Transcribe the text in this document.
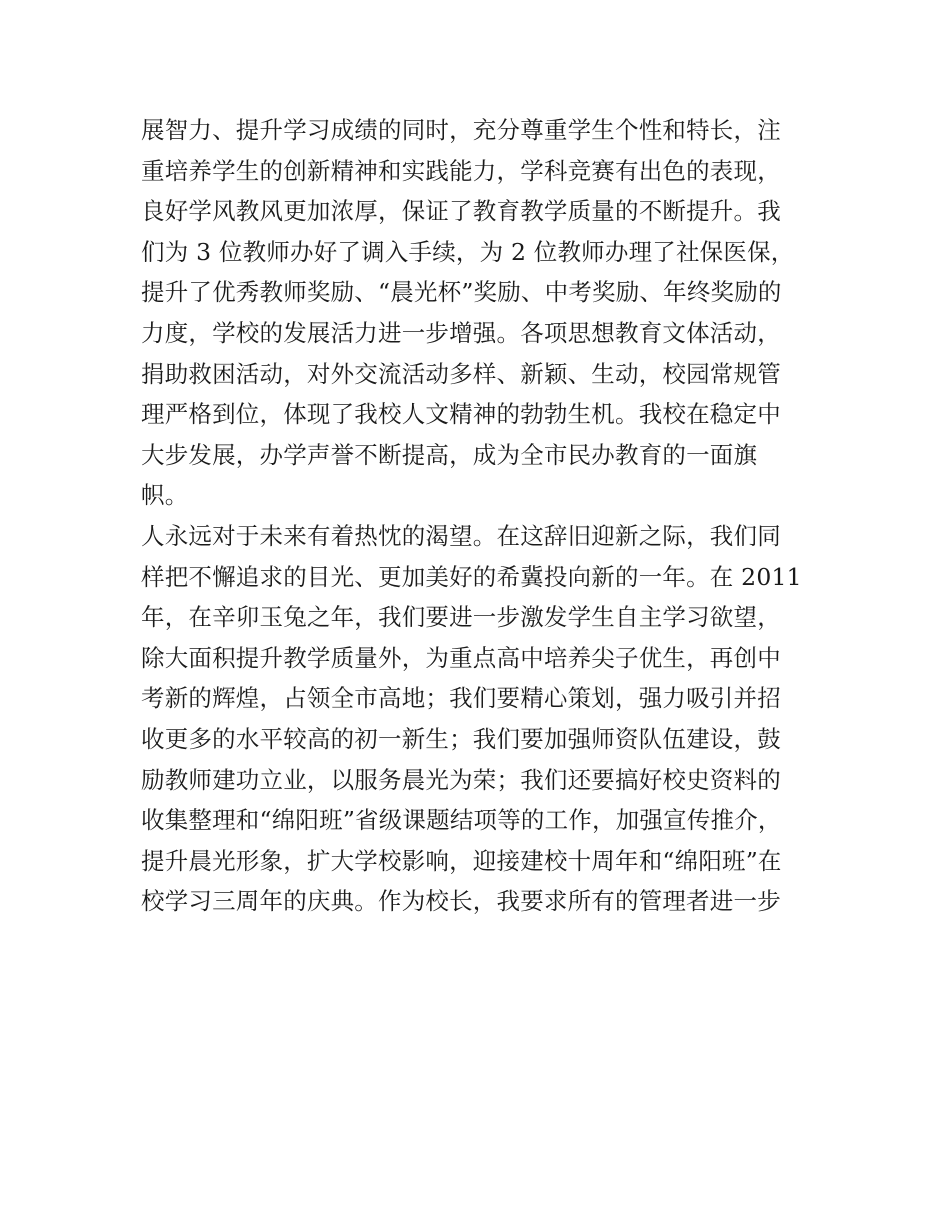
展智力、提升学习成绩的同时，充分尊重学生个性和特长，注
重培养学生的创新精神和实践能力，学科竞赛有出色的表现，
良好学风教风更加浓厚，保证了教育教学质量的不断提升。我
们为 3 位教师办好了调入手续，为 2 位教师办理了社保医保，
提升了优秀教师奖励、“晨光杯”奖励、中考奖励、年终奖励的
力度，学校的发展活力进一步增强。各项思想教育文体活动，
捐助救困活动，对外交流活动多样、新颖、生动，校园常规管
理严格到位，体现了我校人文精神的勃勃生机。我校在稳定中
大步发展，办学声誉不断提高，成为全市民办教育的一面旗
帜。
人永远对于未来有着热忱的渴望。在这辞旧迎新之际，我们同
样把不懈追求的目光、更加美好的希冀投向新的一年。在 2011
年，在辛卯玉兔之年，我们要进一步激发学生自主学习欲望，
除大面积提升教学质量外，为重点高中培养尖子优生，再创中
考新的辉煌，占领全市高地；我们要精心策划，强力吸引并招
收更多的水平较高的初一新生；我们要加强师资队伍建设，鼓
励教师建功立业，以服务晨光为荣；我们还要搞好校史资料的
收集整理和“绵阳班”省级课题结项等的工作，加强宣传推介，
提升晨光形象，扩大学校影响，迎接建校十周年和“绵阳班”在
校学习三周年的庆典。作为校长，我要求所有的管理者进一步
